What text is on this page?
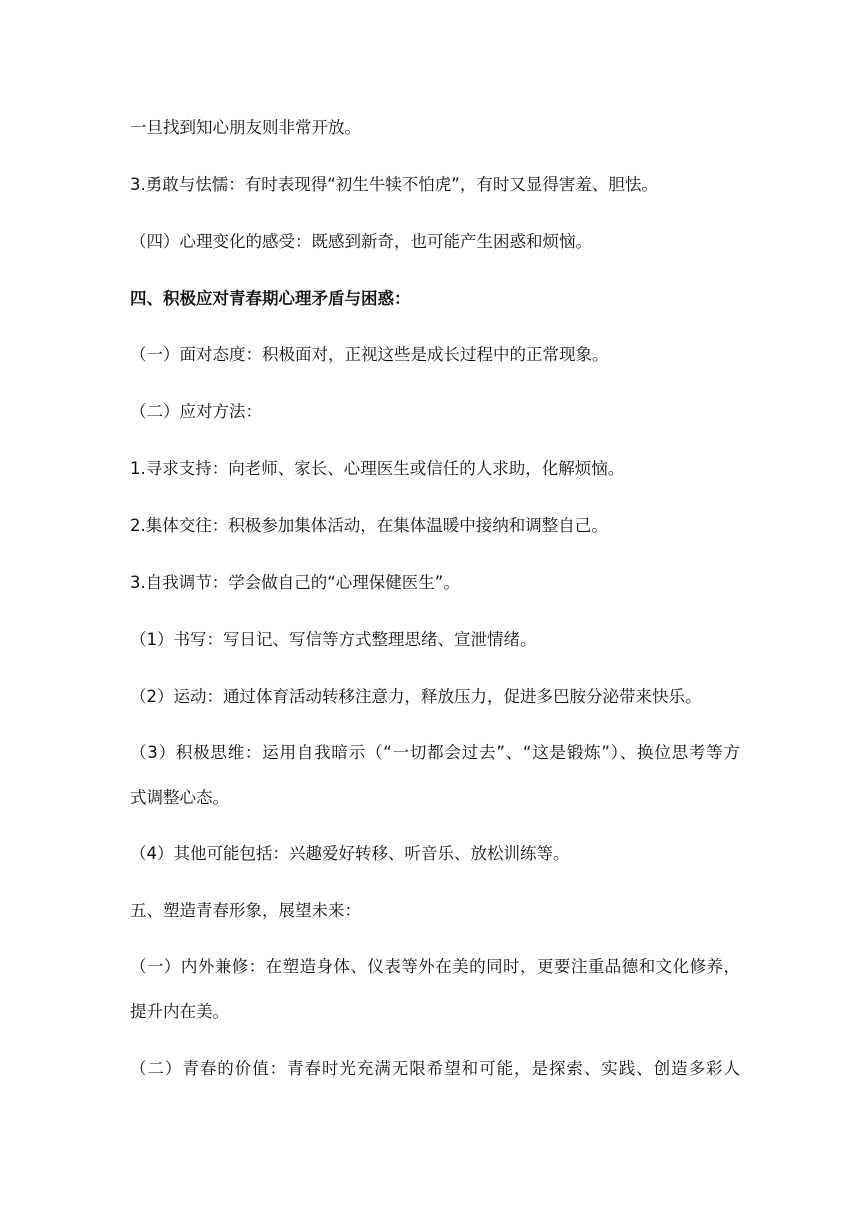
一旦找到知心朋友则非常开放。
3.勇敢与怯懦：有时表现得“初生牛犊不怕虎”，有时又显得害羞、胆怯。
（四）心理变化的感受：既感到新奇，也可能产生困惑和烦恼。
四、积极应对青春期心理矛盾与困惑：
（一）面对态度：积极面对，正视这些是成长过程中的正常现象。
（二）应对方法：
1.寻求支持：向老师、家长、心理医生或信任的人求助，化解烦恼。
2.集体交往：积极参加集体活动，在集体温暖中接纳和调整自己。
3.自我调节：学会做自己的“心理保健医生”。
（1）书写：写日记、写信等方式整理思绪、宣泄情绪。
（2）运动：通过体育活动转移注意力，释放压力，促进多巴胺分泌带来快乐。
（3）积极思维：运用自我暗示（“一切都会过去”、“这是锻炼”）、换位思考等方
式调整心态。
（4）其他可能包括：兴趣爱好转移、听音乐、放松训练等。
五、塑造青春形象，展望未来：
（一）内外兼修：在塑造身体、仪表等外在美的同时，更要注重品德和文化修养，
提升内在美。
（二）青春的价值：青春时光充满无限希望和可能，是探索、实践、创造多彩人
